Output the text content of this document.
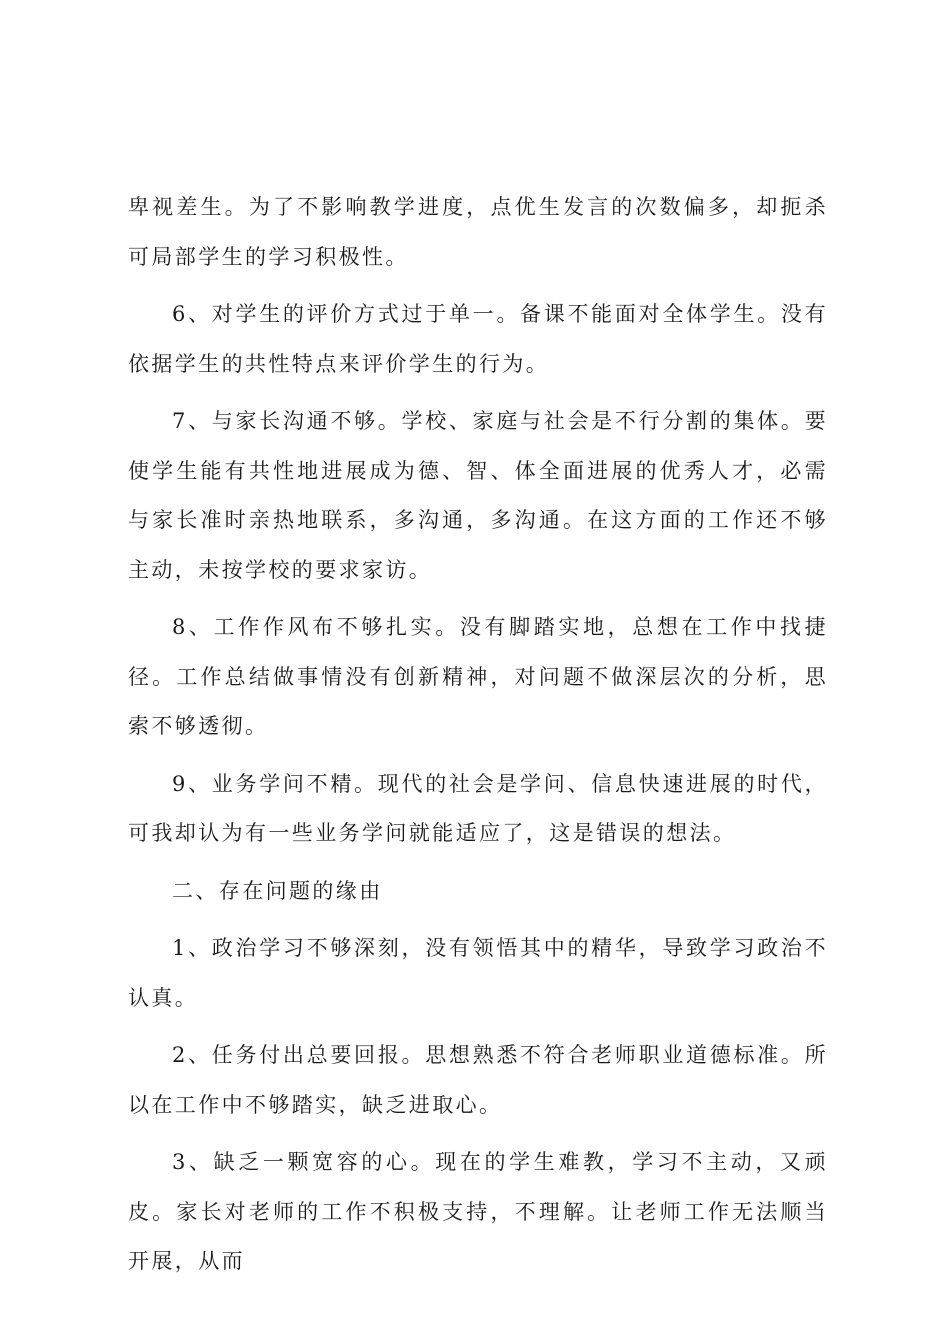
卑视差生。为了不影响教学进度，点优生发言的次数偏多，却扼杀可局部学生的学习积极性。

6、对学生的评价方式过于单一。备课不能面对全体学生。没有依据学生的共性特点来评价学生的行为。

7、与家长沟通不够。学校、家庭与社会是不行分割的集体。要使学生能有共性地进展成为德、智、体全面进展的优秀人才，必需与家长准时亲热地联系，多沟通，多沟通。在这方面的工作还不够主动，未按学校的要求家访。

8、工作作风布不够扎实。没有脚踏实地，总想在工作中找捷径。工作总结做事情没有创新精神，对问题不做深层次的分析，思索不够透彻。

9、业务学问不精。现代的社会是学问、信息快速进展的时代，可我却认为有一些业务学问就能适应了，这是错误的想法。

二、存在问题的缘由

1、政治学习不够深刻，没有领悟其中的精华，导致学习政治不认真。

2、任务付出总要回报。思想熟悉不符合老师职业道德标准。所以在工作中不够踏实，缺乏进取心。

3、缺乏一颗宽容的心。现在的学生难教，学习不主动，又顽皮。家长对老师的工作不积极支持，不理解。让老师工作无法顺当开展，从而
